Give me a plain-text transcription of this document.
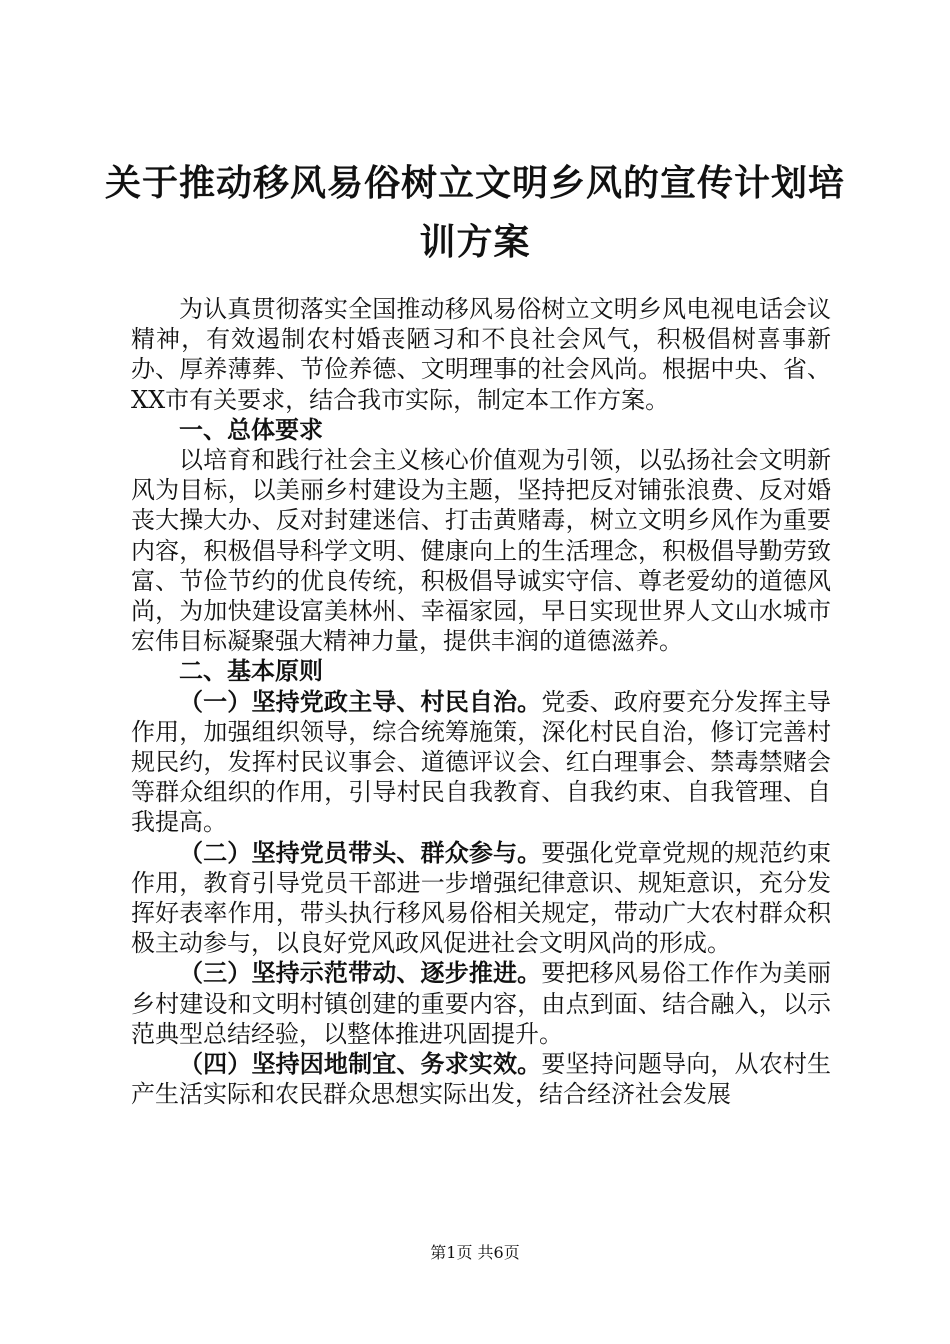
关于推动移风易俗树立文明乡风的宣传计划培
训方案

为认真贯彻落实全国推动移风易俗树立文明乡风电视电话会议精神，有效遏制农村婚丧陋习和不良社会风气，积极倡树喜事新办、厚养薄葬、节俭养德、文明理事的社会风尚。根据中央、省、XX市有关要求，结合我市实际，制定本工作方案。

一、总体要求

以培育和践行社会主义核心价值观为引领，以弘扬社会文明新风为目标，以美丽乡村建设为主题，坚持把反对铺张浪费、反对婚丧大操大办、反对封建迷信、打击黄赌毒，树立文明乡风作为重要内容，积极倡导科学文明、健康向上的生活理念，积极倡导勤劳致富、节俭节约的优良传统，积极倡导诚实守信、尊老爱幼的道德风尚，为加快建设富美林州、幸福家园，早日实现世界人文山水城市宏伟目标凝聚强大精神力量，提供丰润的道德滋养。

二、基本原则

（一）坚持党政主导、村民自治。党委、政府要充分发挥主导作用，加强组织领导，综合统筹施策，深化村民自治，修订完善村规民约，发挥村民议事会、道德评议会、红白理事会、禁毒禁赌会等群众组织的作用，引导村民自我教育、自我约束、自我管理、自我提高。

（二）坚持党员带头、群众参与。要强化党章党规的规范约束作用，教育引导党员干部进一步增强纪律意识、规矩意识，充分发挥好表率作用，带头执行移风易俗相关规定，带动广大农村群众积极主动参与，以良好党风政风促进社会文明风尚的形成。

（三）坚持示范带动、逐步推进。要把移风易俗工作作为美丽乡村建设和文明村镇创建的重要内容，由点到面、结合融入，以示范典型总结经验，以整体推进巩固提升。

（四）坚持因地制宜、务求实效。要坚持问题导向，从农村生产生活实际和农民群众思想实际出发，结合经济社会发展

第1页 共6页
